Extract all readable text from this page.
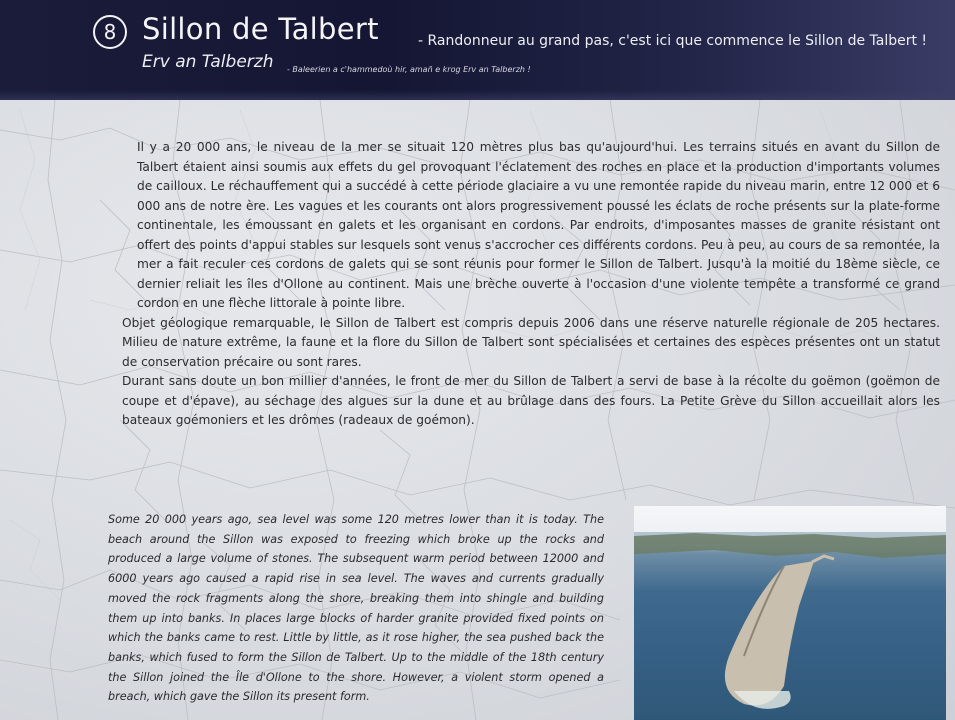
8 Sillon de Talbert	- Randonneur au grand pas, c'est ici que commence le Sillon de Talbert !
Erv an Talberzh - Baleerien a c'hammedoù hir, amañ e krog Erv an Talberzh !

Il y a 20 000 ans, le niveau de la mer se situait 120 mètres plus bas qu'aujourd'hui. Les terrains situés en avant du Sillon de Talbert étaient ainsi soumis aux effets du gel provoquant l'éclatement des roches en place et la production d'importants volumes de cailloux. Le réchauffement qui a succédé à cette période glaciaire a vu une remontée rapide du niveau marin, entre 12 000 et 6 000 ans de notre ère. Les vagues et les courants ont alors progressivement poussé les éclats de roche présents sur la plate-forme continentale, les émoussant en galets et les organisant en cordons. Par endroits, d'imposantes masses de granite résistant ont offert des points d'appui stables sur lesquels sont venus s'accrocher ces différents cordons. Peu à peu, au cours de sa remontée, la mer a fait reculer ces cordons de galets qui se sont réunis pour former le Sillon de Talbert. Jusqu'à la moitié du 18ème siècle, ce dernier reliait les îles d'Ollone au continent. Mais une brèche ouverte à l'occasion d'une violente tempête a transformé ce grand cordon en une flèche littorale à pointe libre.

Objet géologique remarquable, le Sillon de Talbert est compris depuis 2006 dans une réserve naturelle régionale de 205 hectares. Milieu de nature extrême, la faune et la flore du Sillon de Talbert sont spécialisées et certaines des espèces présentes ont un statut de conservation précaire ou sont rares.

Durant sans doute un bon millier d'années, le front de mer du Sillon de Talbert a servi de base à la récolte du goëmon (goëmon de coupe et d'épave), au séchage des algues sur la dune et au brûlage dans des fours. La Petite Grève du Sillon accueillait alors les bateaux goémoniers et les drômes (radeaux de goémon).

Some 20 000 years ago, sea level was some 120 metres lower than it is today. The beach around the Sillon was exposed to freezing which broke up the rocks and produced a large volume of stones. The subsequent warm period between 12000 and 6000 years ago caused a rapid rise in sea level. The waves and currents gradually moved the rock fragments along the shore, breaking them into shingle and building them up into banks. In places large blocks of harder granite provided fixed points on which the banks came to rest. Little by little, as it rose higher, the sea pushed back the banks, which fused to form the Sillon de Talbert. Up to the middle of the 18th century the Sillon joined the Île d'Ollone to the shore. However, a violent storm opened a breach, which gave the Sillon its present form.
